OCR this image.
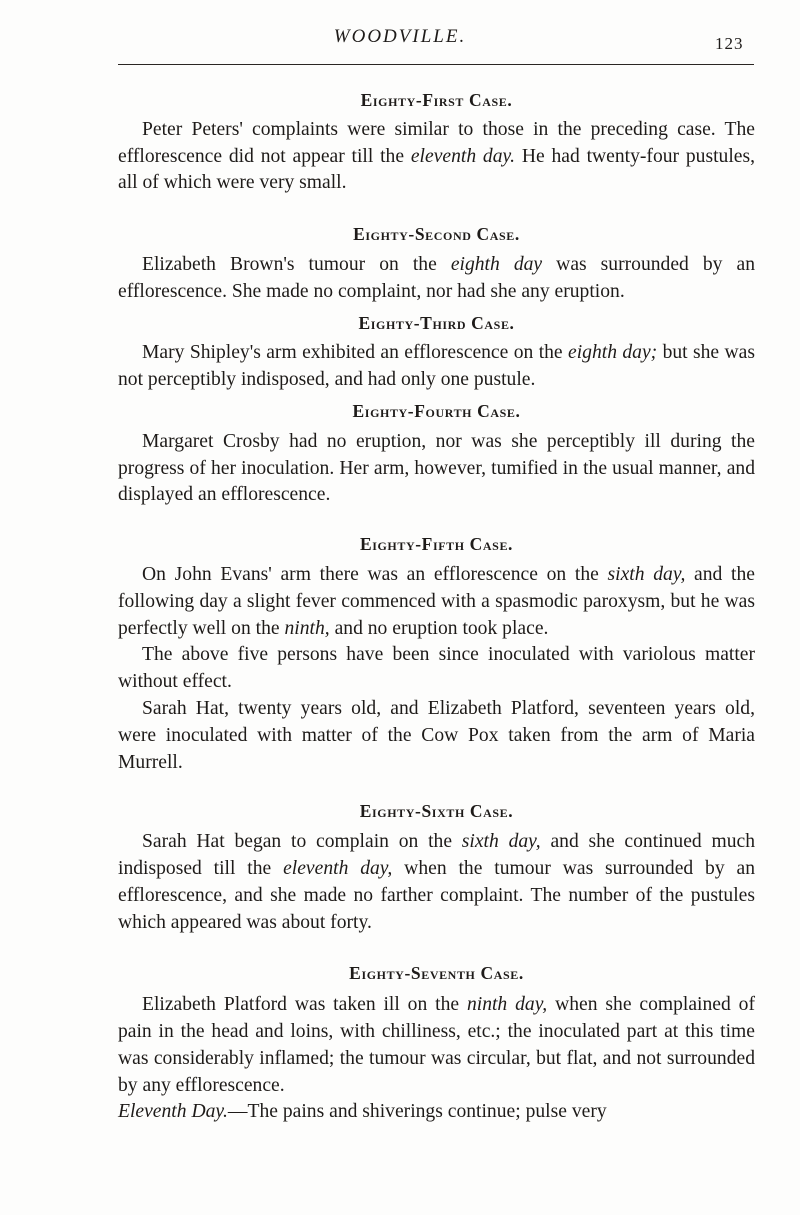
WOODVILLE.	123
Eighty-First Case.

Peter Peters' complaints were similar to those in the preceding case. The efflorescence did not appear till the eleventh day. He had twenty-four pustules, all of which were very small.

Eighty-Second Case.

Elizabeth Brown's tumour on the eighth day was surrounded by an efflorescence. She made no complaint, nor had she any eruption.

Eighty-Third Case.

Mary Shipley's arm exhibited an efflorescence on the eighth day; but she was not perceptibly indisposed, and had only one pustule.

Eighty-Fourth Case.

Margaret Crosby had no eruption, nor was she perceptibly ill during the progress of her inoculation. Her arm, however, tumified in the usual manner, and displayed an efflorescence.

Eighty-Fifth Case.

On John Evans' arm there was an efflorescence on the sixth day, and the following day a slight fever commenced with a spasmodic paroxysm, but he was perfectly well on the ninth, and no eruption took place.

The above five persons have been since inoculated with variolous matter without effect.

Sarah Hat, twenty years old, and Elizabeth Platford, seventeen years old, were inoculated with matter of the Cow Pox taken from the arm of Maria Murrell.

Eighty-Sixth Case.

Sarah Hat began to complain on the sixth day, and she continued much indisposed till the eleventh day, when the tumour was surrounded by an efflorescence, and she made no farther complaint. The number of the pustules which appeared was about forty.

Eighty-Seventh Case.

Elizabeth Platford was taken ill on the ninth day, when she complained of pain in the head and loins, with chilliness, etc.; the inoculated part at this time was considerably inflamed; the tumour was circular, but flat, and not surrounded by any efflorescence.

Eleventh Day.—The pains and shiverings continue; pulse very
